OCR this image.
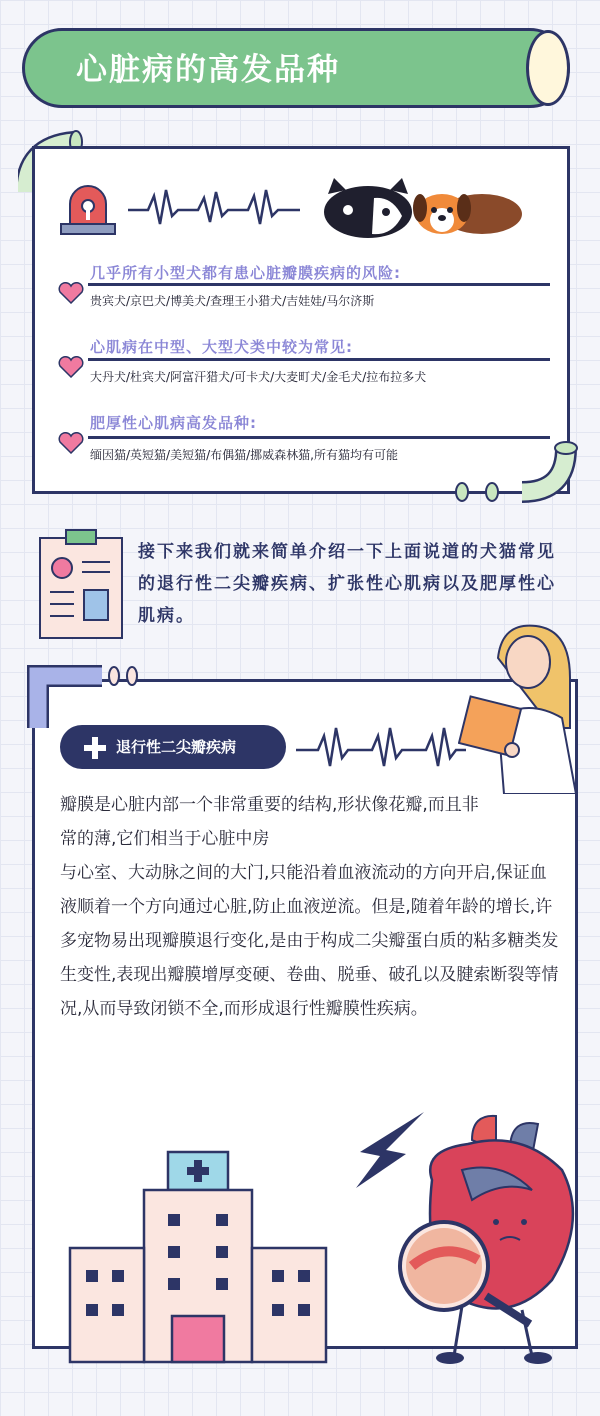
心脏病的高发品种
几乎所有小型犬都有患心脏瓣膜疾病的风险:
贵宾犬/京巴犬/博美犬/查理王小猎犬/吉娃娃/马尔济斯
心肌病在中型、大型犬类中较为常见:
大丹犬/杜宾犬/阿富汗猎犬/可卡犬/大麦町犬/金毛犬/拉布拉多犬
肥厚性心肌病高发品种:
缅因猫/英短猫/美短猫/布偶猫/挪威森林猫,所有猫均有可能
接下来我们就来简单介绍一下上面说道的犬猫常见的退行性二尖瓣疾病、扩张性心肌病以及肥厚性心肌病。
退行性二尖瓣疾病
瓣膜是心脏内部一个非常重要的结构,形状像花瓣,而且非常的薄,它们相当于心脏中房
与心室、大动脉之间的大门,只能沿着血液流动的方向开启,保证血液顺着一个方向通过心脏,防止血液逆流。但是,随着年龄的增长,许多宠物易出现瓣膜退行变化,是由于构成二尖瓣蛋白质的粘多糖类发生变性,表现出瓣膜增厚变硬、卷曲、脱垂、破孔以及腱索断裂等情况,从而导致闭锁不全,而形成退行性瓣膜性疾病。
